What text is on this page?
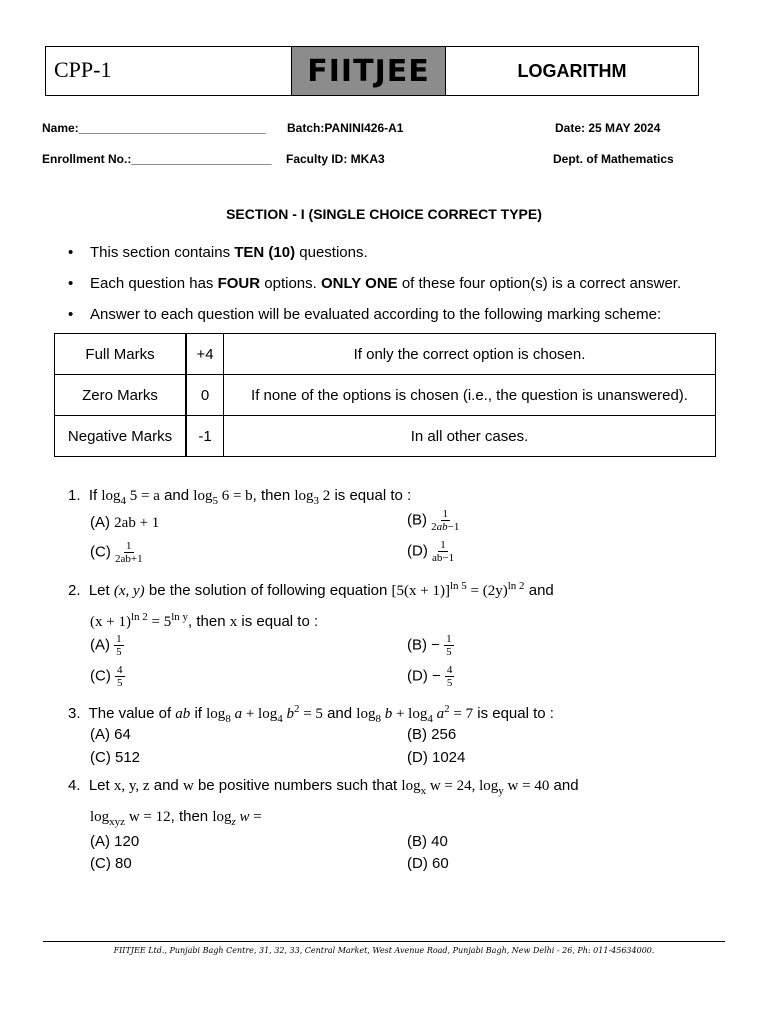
CPP-1	FIITJEE	LOGARITHM
Name:____________________________ Batch:PANINI426-A1	Date: 25 MAY 2024
Enrollment No.:_____________________ Faculty ID: MKA3	Dept. of Mathematics
SECTION - I (SINGLE CHOICE CORRECT TYPE)
• This section contains TEN (10) questions.
• Each question has FOUR options. ONLY ONE of these four option(s) is a correct answer.
• Answer to each question will be evaluated according to the following marking scheme:
Full Marks	+4	If only the correct option is chosen.
Zero Marks	0	If none of the options is chosen (i.e., the question is unanswered).
Negative Marks	-1	In all other cases.
1.  If $\log_4 5 = a$ and $\log_5 6 = b$, then $\log_3 2$ is equal to :
(A) 2ab + 1	$(B) \frac{1}{2ab-1}$
$(C) \frac{1}{2ab+1}$	$(D) \frac{1}{ab-1}$
2.  Let (x, y) be the solution of following equation $[5(x + 1)]^{ln 5} = (2y)^{ln 2}$ and
$(x + 1)^{ln 2} = 5^{ln y}$, then x is equal to :
$(A) \frac{1}{5}$	$(B) - \frac{1}{5}$
$(C) \frac{4}{5}$	$(D) - \frac{4}{5}$
3.  The value of ab if $\log_8 a + \log_4 b^2 = 5$ and $\log_8 b + \log_4 a^2 = 7$ is equal to :
(A) 64	(B) 256
(C) 512	(D) 1024
4.  Let x, y, z and w be positive numbers such that $\log_x w = 24$, $\log_y w = 40$ and
$\log_{xyz} w = 12$, then $\log_z w$ =
(A) 120	(B) 40
(C) 80	(D) 60
FIITJEE Ltd., Punjabi Bagh Centre, 31, 32, 33, Central Market, West Avenue Road, Punjabi Bagh, New Delhi - 26, Ph: 011-45634000.
